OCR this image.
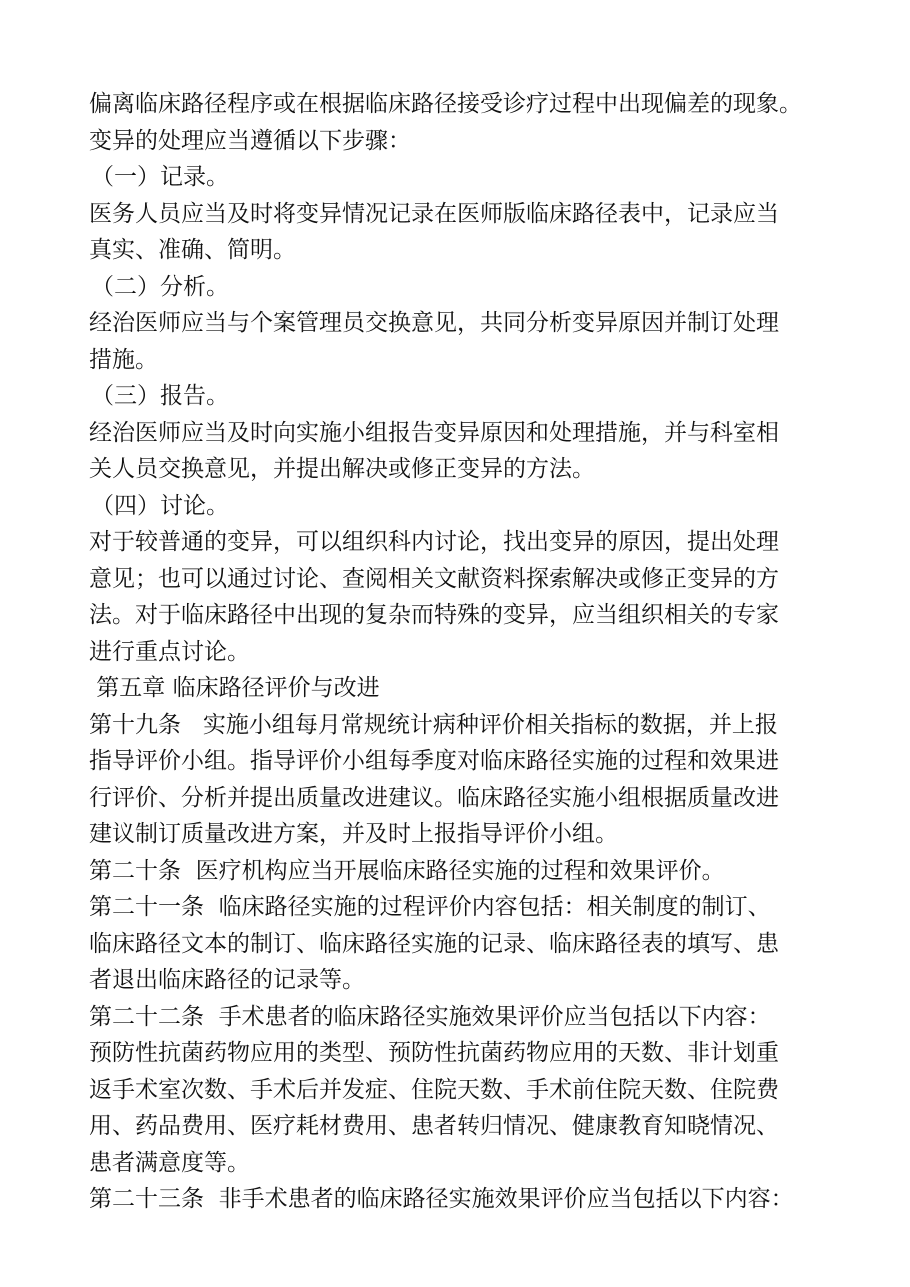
偏离临床路径程序或在根据临床路径接受诊疗过程中出现偏差的现象。
变异的处理应当遵循以下步骤：
（一）记录。
医务人员应当及时将变异情况记录在医师版临床路径表中，记录应当
真实、准确、简明。
（二）分析。
经治医师应当与个案管理员交换意见，共同分析变异原因并制订处理
措施。
（三）报告。
经治医师应当及时向实施小组报告变异原因和处理措施，并与科室相
关人员交换意见，并提出解决或修正变异的方法。
（四）讨论。
对于较普通的变异，可以组织科内讨论，找出变异的原因，提出处理
意见；也可以通过讨论、查阅相关文献资料探索解决或修正变异的方
法。对于临床路径中出现的复杂而特殊的变异，应当组织相关的专家
进行重点讨论。
第五章 临床路径评价与改进
第十九条   实施小组每月常规统计病种评价相关指标的数据，并上报
指导评价小组。指导评价小组每季度对临床路径实施的过程和效果进
行评价、分析并提出质量改进建议。临床路径实施小组根据质量改进
建议制订质量改进方案，并及时上报指导评价小组。
第二十条  医疗机构应当开展临床路径实施的过程和效果评价。
第二十一条  临床路径实施的过程评价内容包括：相关制度的制订、
临床路径文本的制订、临床路径实施的记录、临床路径表的填写、患
者退出临床路径的记录等。
第二十二条  手术患者的临床路径实施效果评价应当包括以下内容：
预防性抗菌药物应用的类型、预防性抗菌药物应用的天数、非计划重
返手术室次数、手术后并发症、住院天数、手术前住院天数、住院费
用、药品费用、医疗耗材费用、患者转归情况、健康教育知晓情况、
患者满意度等。
第二十三条  非手术患者的临床路径实施效果评价应当包括以下内容：
